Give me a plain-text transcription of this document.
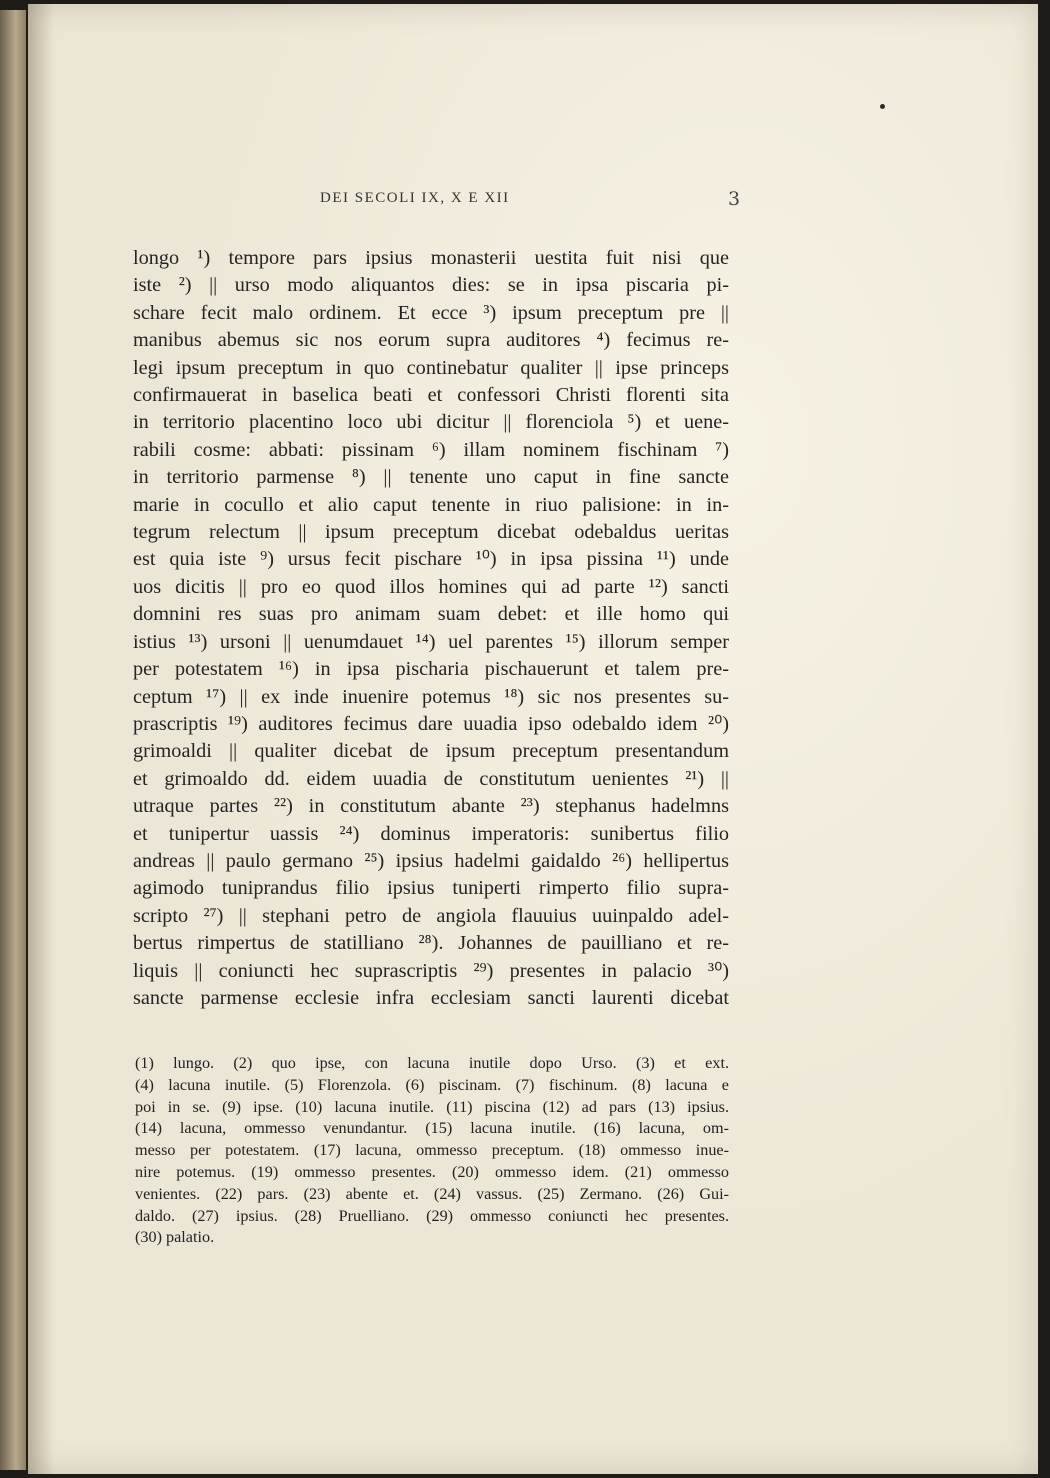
DEI SECOLI IX, X E XII	3
longo ¹) tempore pars ipsius monasterii uestita fuit nisi que
iste ²) || urso modo aliquantos dies: se in ipsa piscaria pi-
schare fecit malo ordinem. Et ecce ³) ipsum preceptum pre ||
manibus abemus sic nos eorum supra auditores ⁴) fecimus re-
legi ipsum preceptum in quo continebatur qualiter || ipse princeps
confirmauerat in baselica beati et confessori Christi florenti sita
in territorio placentino loco ubi dicitur || florenciola ⁵) et uene-
rabili cosme: abbati: pissinam ⁶) illam nominem fischinam ⁷)
in territorio parmense ⁸) || tenente uno caput in fine sancte
marie in cocullo et alio caput tenente in riuo palisione: in in-
tegrum relectum || ipsum preceptum dicebat odebaldus ueritas
est quia iste ⁹) ursus fecit pischare ¹⁰) in ipsa pissina ¹¹) unde
uos dicitis || pro eo quod illos homines qui ad parte ¹²) sancti
domnini res suas pro animam suam debet: et ille homo qui
istius ¹³) ursoni || uenumdauet ¹⁴) uel parentes ¹⁵) illorum semper
per potestatem ¹⁶) in ipsa pischaria pischauerunt et talem pre-
ceptum ¹⁷) || ex inde inuenire potemus ¹⁸) sic nos presentes su-
prascriptis ¹⁹) auditores fecimus dare uuadia ipso odebaldo idem ²⁰)
grimoaldi || qualiter dicebat de ipsum preceptum presentandum
et grimoaldo dd. eidem uuadia de constitutum uenientes ²¹) ||
utraque partes ²²) in constitutum abante ²³) stephanus hadelmns
et tunipertur uassis ²⁴) dominus imperatoris: sunibertus filio
andreas || paulo germano ²⁵) ipsius hadelmi gaidaldo ²⁶) hellipertus
agimodo tuniprandus filio ipsius tuniperti rimperto filio supra-
scripto ²⁷) || stephani petro de angiola flauuius uuinpaldo adel-
bertus rimpertus de statilliano ²⁸). Johannes de pauilliano et re-
liquis || coniuncti hec suprascriptis ²⁹) presentes in palacio ³⁰)
sancte parmense ecclesie infra ecclesiam sancti laurenti dicebat
(1) lungo. (2) quo ipse, con lacuna inutile dopo Urso. (3) et ext.
(4) lacuna inutile. (5) Florenzola. (6) piscinam. (7) fischinum. (8) lacuna e
poi in se. (9) ipse. (10) lacuna inutile. (11) piscina (12) ad pars (13) ipsius.
(14) lacuna, ommesso venundantur. (15) lacuna inutile. (16) lacuna, om-
messo per potestatem. (17) lacuna, ommesso preceptum. (18) ommesso inue-
nire potemus. (19) ommesso presentes. (20) ommesso idem. (21) ommesso
venientes. (22) pars. (23) abente et. (24) vassus. (25) Zermano. (26) Gui-
daldo. (27) ipsius. (28) Pruelliano. (29) ommesso coniuncti hec presentes.
(30) palatio.
